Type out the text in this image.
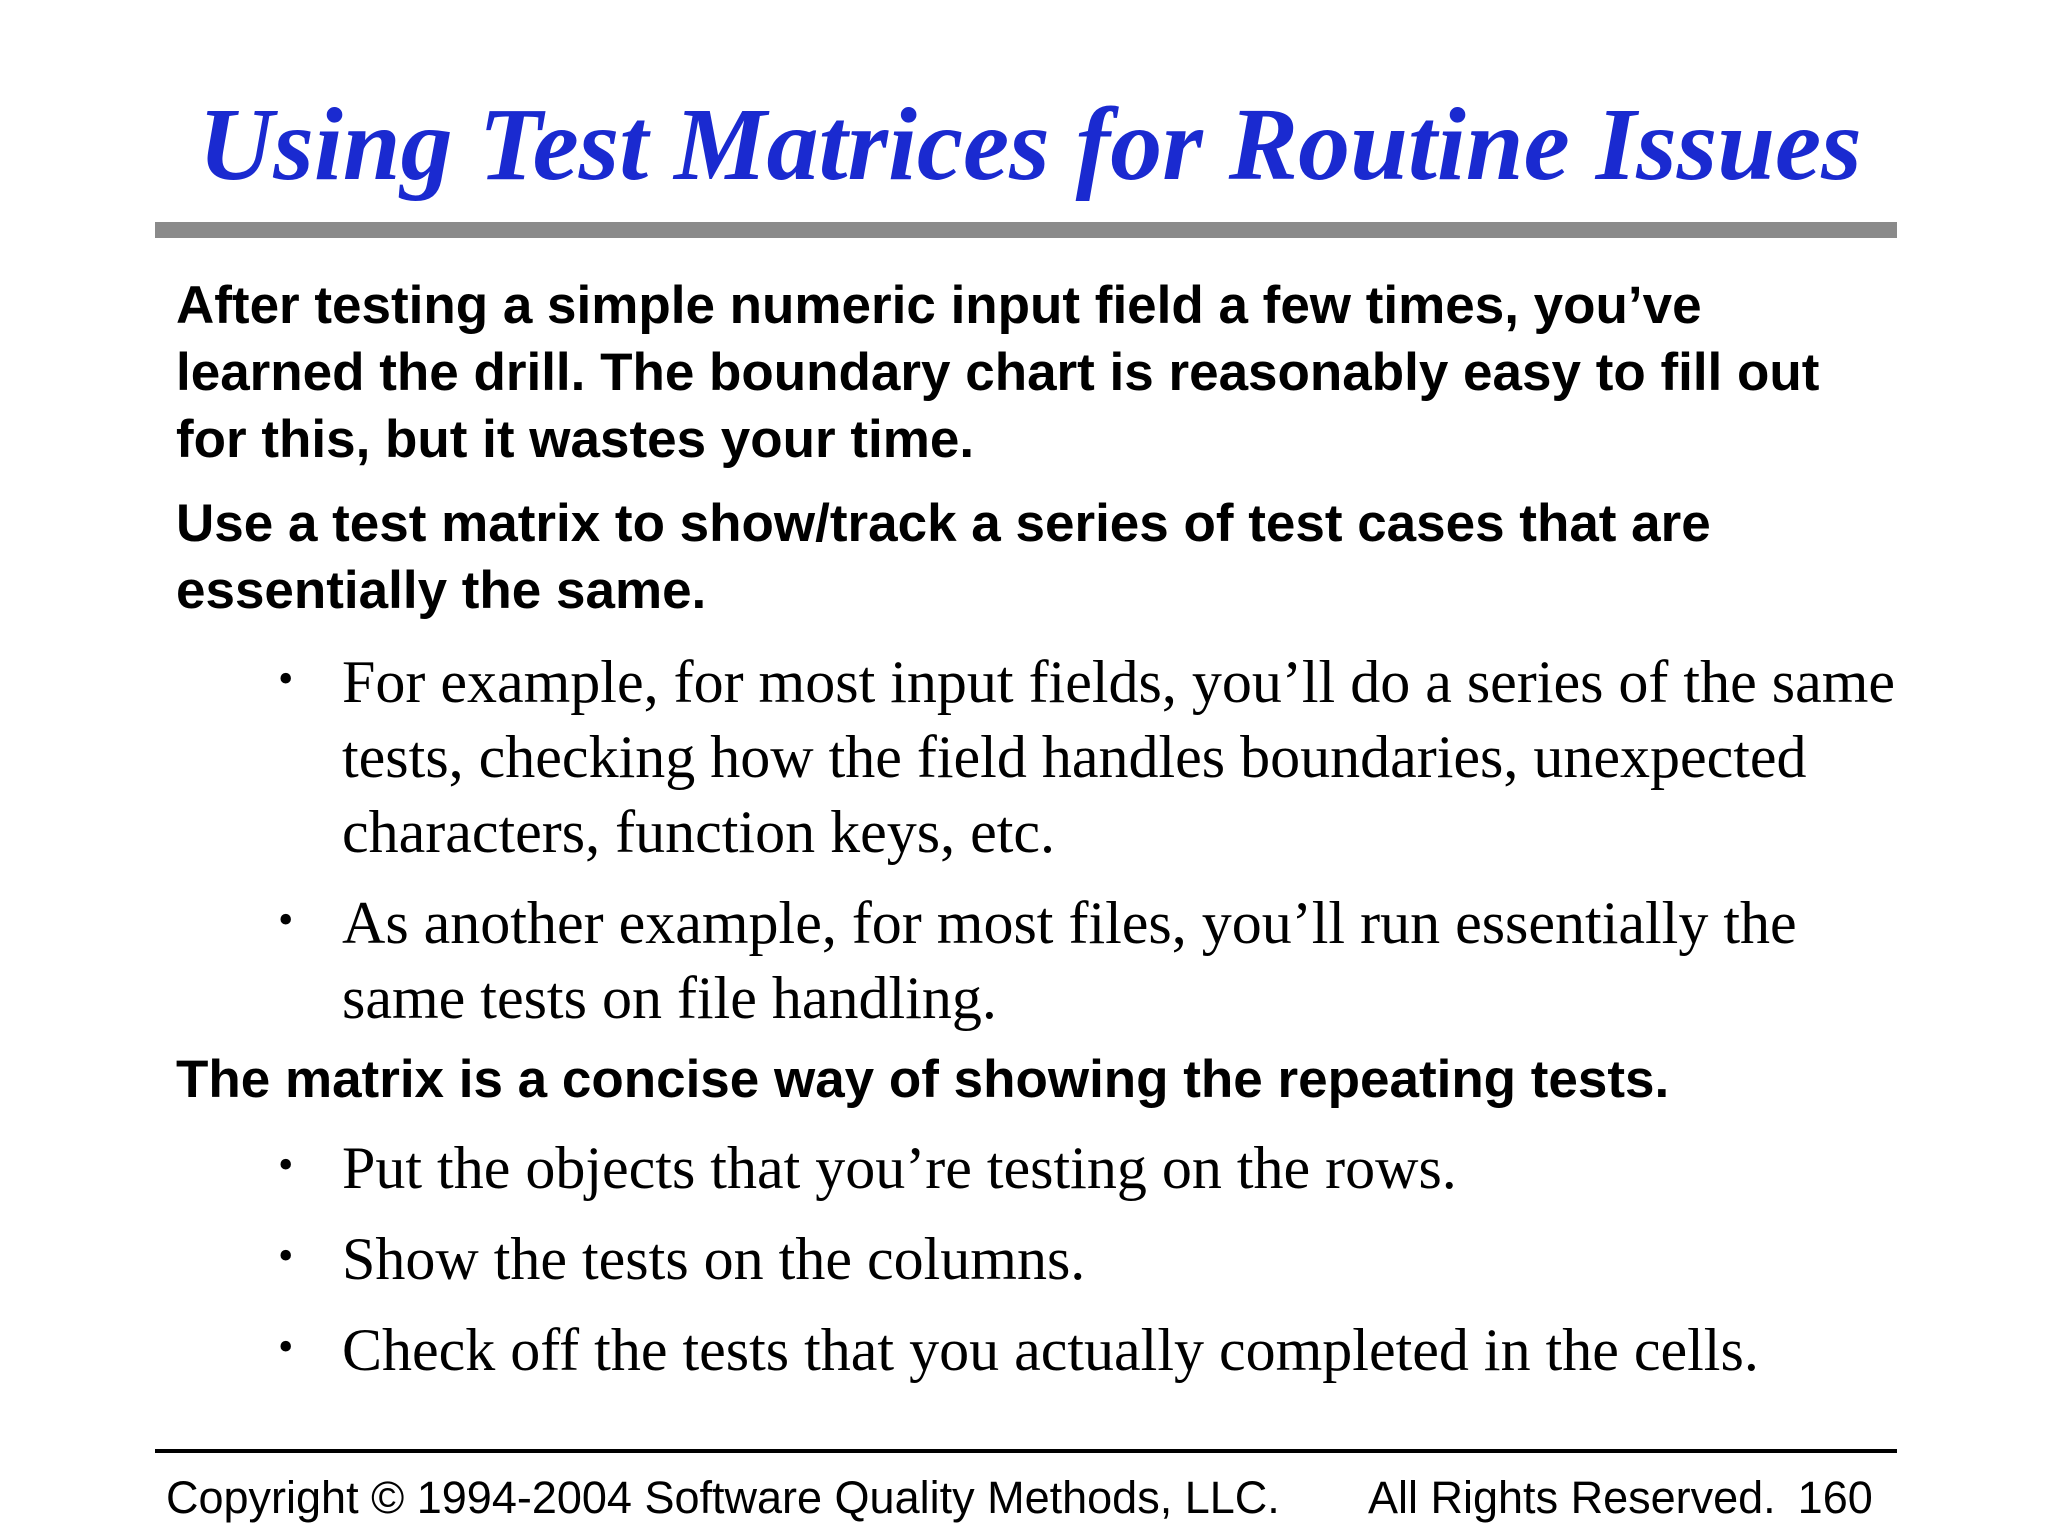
Using Test Matrices for Routine Issues

After testing a simple numeric input field a few times, you’ve learned the drill. The boundary chart is reasonably easy to fill out for this, but it wastes your time.

Use a test matrix to show/track a series of test cases that are essentially the same.

• For example, for most input fields, you’ll do a series of the same tests, checking how the field handles boundaries, unexpected characters, function keys, etc.
• As another example, for most files, you’ll run essentially the same tests on file handling.

The matrix is a concise way of showing the repeating tests.

• Put the objects that you’re testing on the rows.
• Show the tests on the columns.
• Check off the tests that you actually completed in the cells.
Copyright © 1994-2004 Software Quality Methods, LLC. All Rights Reserved. 160
